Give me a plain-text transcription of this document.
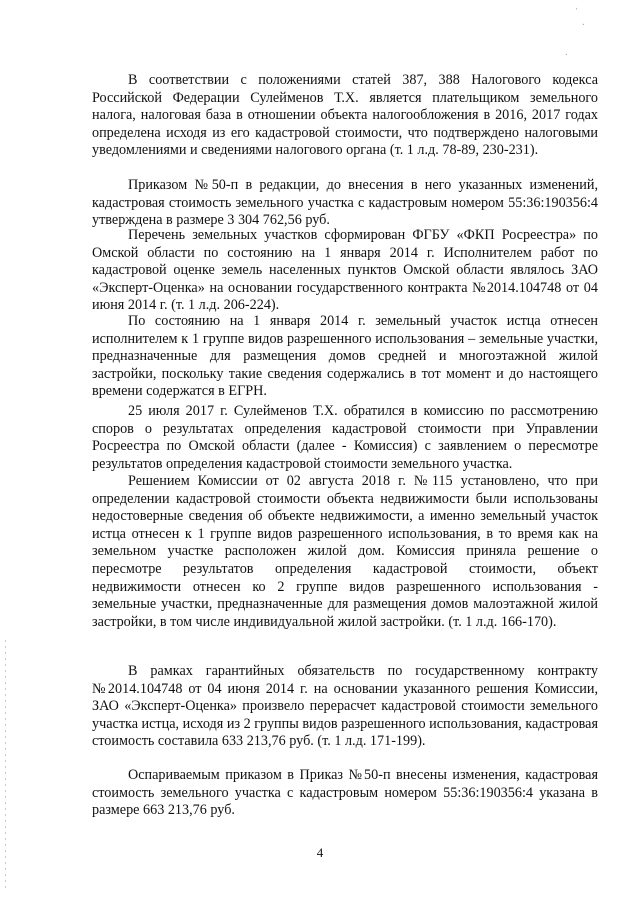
ˈ
ˑ
ˑ

В соответствии с положениями статей 387, 388 Налогового кодекса Российской Федерации Сулейменов Т.Х. является плательщиком земельного налога, налоговая база в отношении объекта налогообложения в 2016, 2017 годах определена исходя из его кадастровой стоимости, что подтверждено налоговыми уведомлениями и сведениями налогового органа (т. 1 л.д. 78-89, 230-231).

Приказом №50-п в редакции, до внесения в него указанных изменений, кадастровая стоимость земельного участка с кадастровым номером 55:36:190356:4 утверждена в размере 3 304 762,56 руб.

Перечень земельных участков сформирован ФГБУ «ФКП Росреестра» по Омской области по состоянию на 1 января 2014 г. Исполнителем работ по кадастровой оценке земель населенных пунктов Омской области являлось ЗАО «Эксперт-Оценка» на основании государственного контракта №2014.104748 от 04 июня 2014 г. (т. 1 л.д. 206-224).

По состоянию на 1 января 2014 г. земельный участок истца отнесен исполнителем к 1 группе видов разрешенного использования – земельные участки, предназначенные для размещения домов средней и многоэтажной жилой застройки, поскольку такие сведения содержались в тот момент и до настоящего времени содержатся в ЕГРН.

25 июля 2017 г. Сулейменов Т.Х. обратился в комиссию по рассмотрению споров о результатах определения кадастровой стоимости при Управлении Росреестра по Омской области (далее - Комиссия) с заявлением о пересмотре результатов определения кадастровой стоимости земельного участка.

Решением Комиссии от 02 августа 2018 г. №115 установлено, что при определении кадастровой стоимости объекта недвижимости были использованы недостоверные сведения об объекте недвижимости, а именно земельный участок истца отнесен к 1 группе видов разрешенного использования, в то время как на земельном участке расположен жилой дом. Комиссия приняла решение о пересмотре результатов определения кадастровой стоимости, объект недвижимости отнесен ко 2 группе видов разрешенного использования - земельные участки, предназначенные для размещения домов малоэтажной жилой застройки, в том числе индивидуальной жилой застройки. (т. 1 л.д. 166-170).

В рамках гарантийных обязательств по государственному контракту №2014.104748 от 04 июня 2014 г. на основании указанного решения Комиссии, ЗАО «Эксперт-Оценка» произвело перерасчет кадастровой стоимости земельного участка истца, исходя из 2 группы видов разрешенного использования, кадастровая стоимость составила 633 213,76 руб. (т. 1 л.д. 171-199).

Оспариваемым приказом в Приказ №50-п внесены изменения, кадастровая стоимость земельного участка с кадастровым номером 55:36:190356:4 указана в размере 663 213,76 руб.

4
